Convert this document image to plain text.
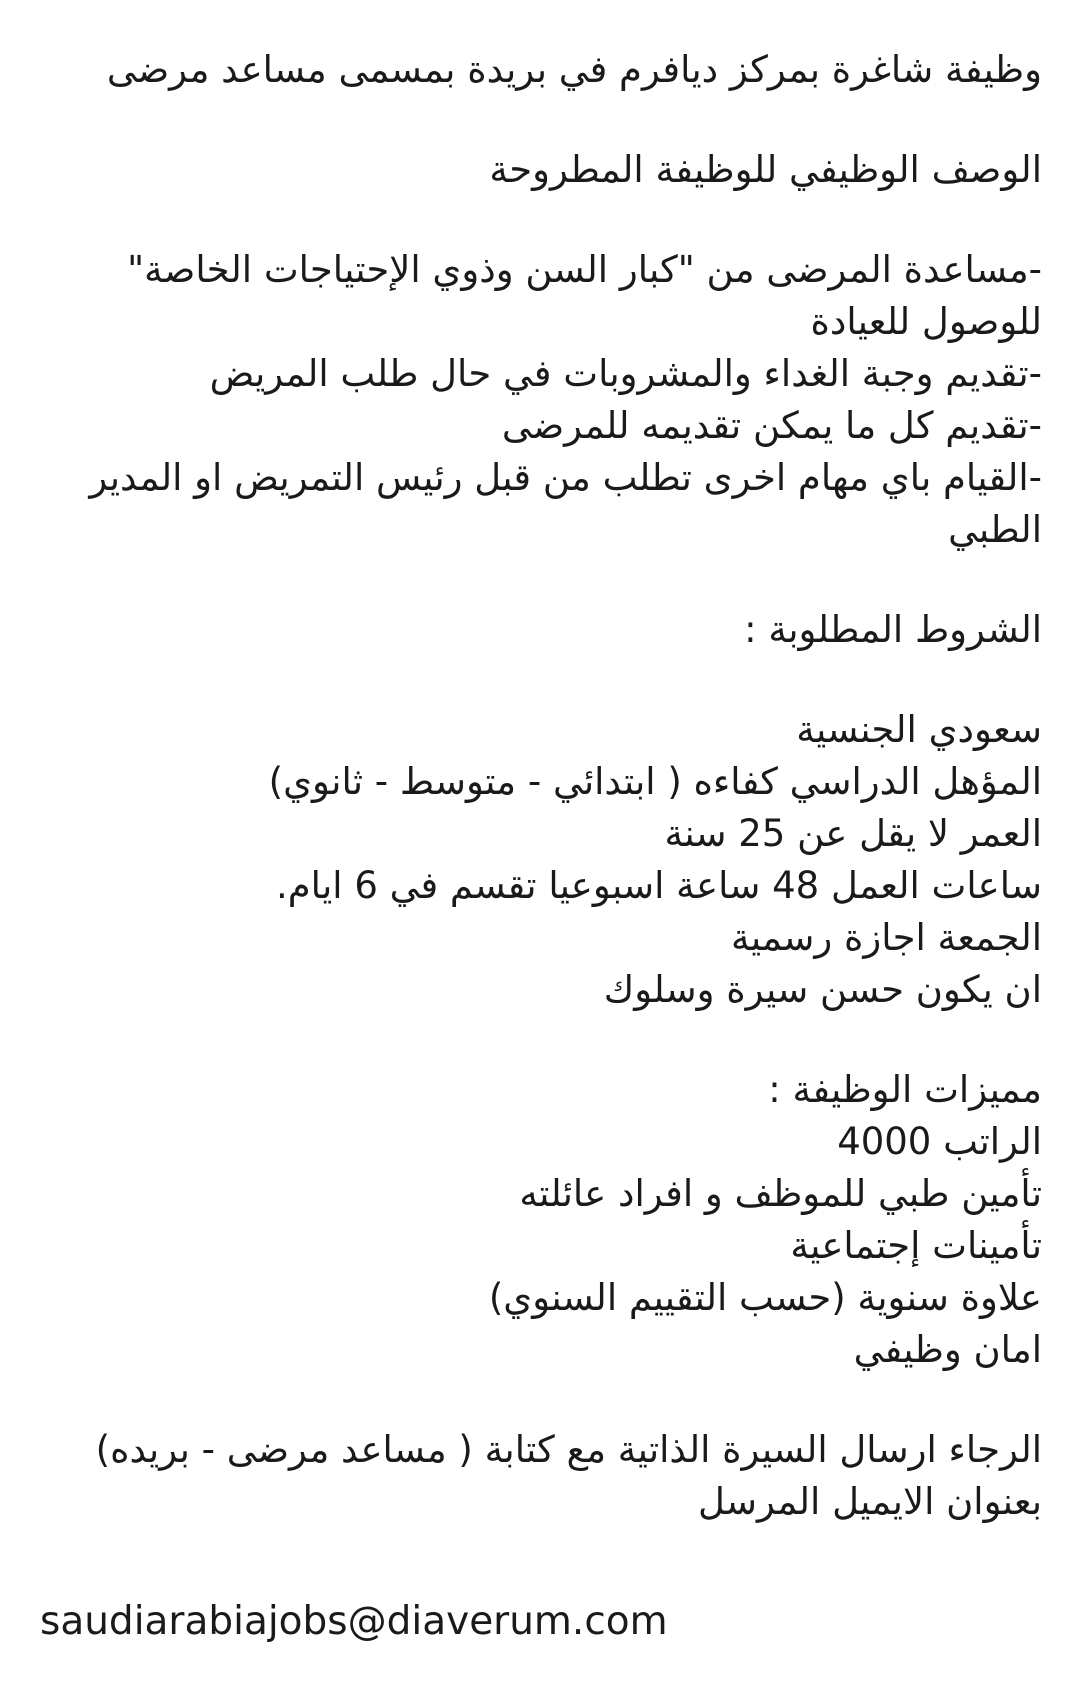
وظيفة شاغرة بمركز ديافرم في بريدة بمسمى مساعد مرضى
الوصف الوظيفي للوظيفة المطروحة
-مساعدة المرضى من "كبار السن وذوي الإحتياجات الخاصة" للوصول للعيادة
-تقديم وجبة الغداء والمشروبات في حال طلب المريض
-تقديم كل ما يمكن تقديمه للمرضى
-القيام باي مهام اخرى تطلب من قبل رئيس التمريض او المدير الطبي
الشروط المطلوبة :
سعودي الجنسية
المؤهل الدراسي كفاءه ( ابتدائي - متوسط - ثانوي)
العمر لا يقل عن 25 سنة
ساعات العمل 48 ساعة اسبوعيا تقسم في 6 ايام.
الجمعة اجازة رسمية
ان يكون حسن سيرة وسلوك
مميزات الوظيفة :
الراتب 4000
تأمين طبي للموظف و افراد عائلته
تأمينات إجتماعية
علاوة سنوية (حسب التقييم السنوي)
امان وظيفي
الرجاء ارسال السيرة الذاتية مع كتابة ( مساعد مرضى - بريده) بعنوان الايميل المرسل
saudiarabiajobs@diaverum.com
